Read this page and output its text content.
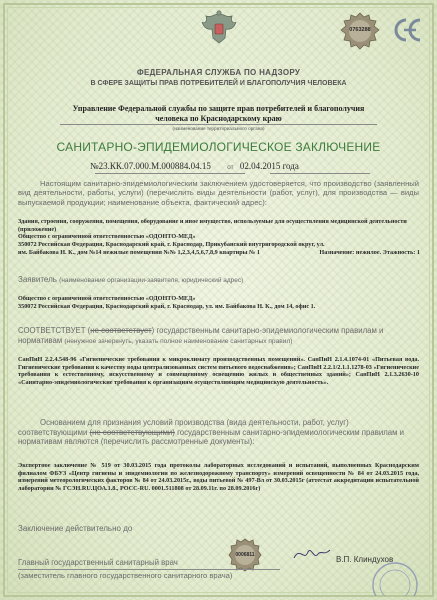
0763288
ФЕДЕРАЛЬНАЯ СЛУЖБА ПО НАДЗОРУ
В СФЕРЕ ЗАЩИТЫ ПРАВ ПОТРЕБИТЕЛЕЙ И БЛАГОПОЛУЧИЯ ЧЕЛОВЕКА
Управление Федеральной службы по защите прав потребителей и благополучия
человека по Краснодарскому краю
(наименование территориального органа)
САНИТАРНО-ЭПИДЕМИОЛОГИЧЕСКОЕ ЗАКЛЮЧЕНИЕ
№23.КК.07.000.М.000884.04.15	от 02.04.2015 года
Настоящим санитарно-эпидемиологическим заключением удостоверяется, что производство (заявленный вид деятельности, работы, услуги) (перечислить виды деятельности (работ, услуг), для производства — виды выпускаемой продукции; наименование объекта, фактический адрес):
Здания, строения, сооружения, помещения, оборудование и иное имущество, используемые для осуществления медицинской деятельности (приложение)
Общество с ограниченной ответственностью «ОДОНТО-МЕД»
350072 Российская Федерация, Краснодарский край, г. Краснодар, Прикубанский внутригородской округ, ул. им. Байбакова Н. К., дом №14 нежилые помещения №№ 1,2,3,4,5,6,7,8,9 квартиры № 1	Назначение: нежилое. Этажность: 1
Заявитель (наименование организации-заявителя, юридический адрес)
Общество с ограниченной ответственностью «ОДОНТО-МЕД»
350072 Российская Федерация, Краснодарский край, г. Краснодар, ул. им. Байбакова Н. К., дом 14, офис 1.
СООТВЕТСТВУЕТ (не соответствует) государственным санитарно-эпидемиологическим правилам и нормативам (ненужное зачеркнуть, указать полное наименование санитарных правил)
СанПиН 2.2.4.548-96 «Гигиенические требования к микроклимату производственных помещений». СанПиН 2.1.4.1074-01 «Питьевая вода. Гигиенические требования к качеству воды централизованных систем питьевого водоснабжения»; СанПиН 2.2.1/2.1.1.1278-03 «Гигиенические требования к естественному, искусственному и совмещенному освещению жилых и общественных зданий»; СанПиН 2.1.3.2630-10 «Санитарно-эпидемиологические требования к организациям осуществляющим медицинскую деятельность».
Основанием для признания условий производства (вида деятельности, работ, услуг) соответствующими (не соответствующими) государственным санитарно-эпидемиологическим правилам и нормативам являются (перечислить рассмотренные документы):
Экспертное заключение № 519 от 30.03.2015 года протоколы лабораторных исследований и испытаний, выполненных Краснодарским филиалом ФБУЗ «Центр гигиены и эпидемиологии по железнодорожному транспорту» измерений освещенности № 84 от 24.03.2015 года, измерений метеорологических факторов № 84 от 24.03.2015г., воды питьевой № 497-Вл от 30.03.2015г (аттестат аккредитации испытательной лаборатории № ГСЭН.RU.ЦОА.1.8., РОСС-RU. 0001.511808 от 28.09.11г. по 28.09.2016г)
Заключение действительно до
0006811
Главный государственный санитарный врач
(заместитель главного государственного санитарного врача)
В.П. Клиндухов
